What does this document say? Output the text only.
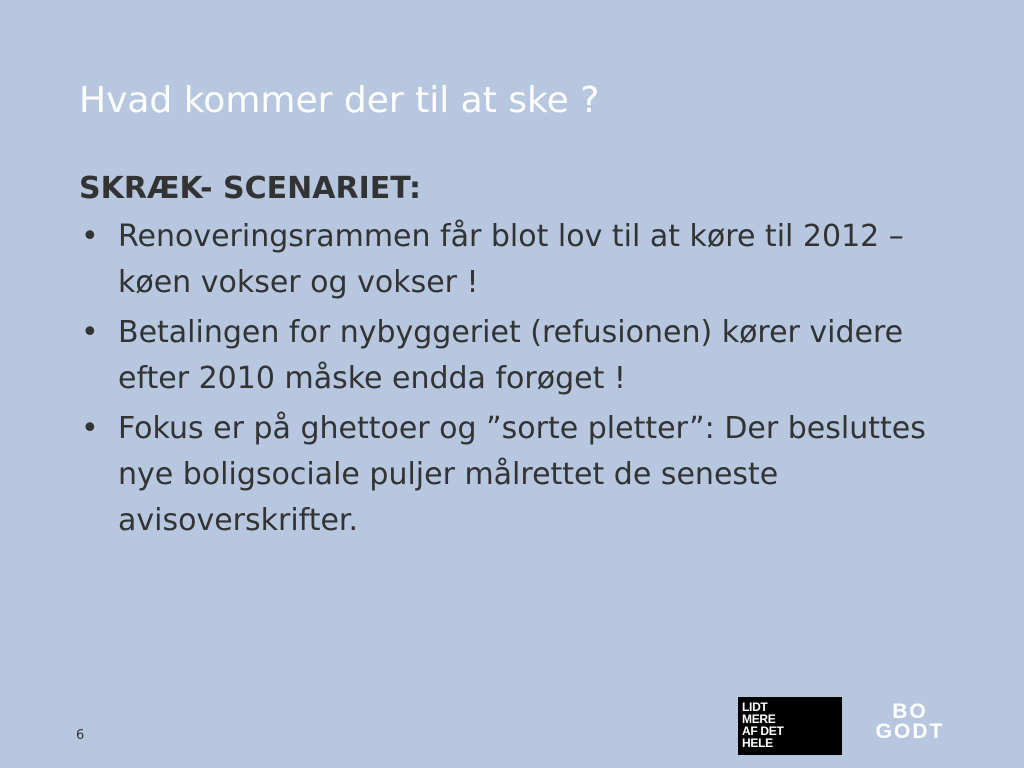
Hvad kommer der til at ske ?
SKRÆK- SCENARIET:
• Renoveringsrammen får blot lov til at køre til 2012 – køen vokser og vokser !
• Betalingen for nybyggeriet (refusionen) kører videre efter 2010 måske endda forøget !
• Fokus er på ghettoer og ”sorte pletter”: Der besluttes nye boligsociale puljer målrettet de seneste avisoverskrifter.
6
LIDT
MERE
AF DET
HELE
BO
GODT
